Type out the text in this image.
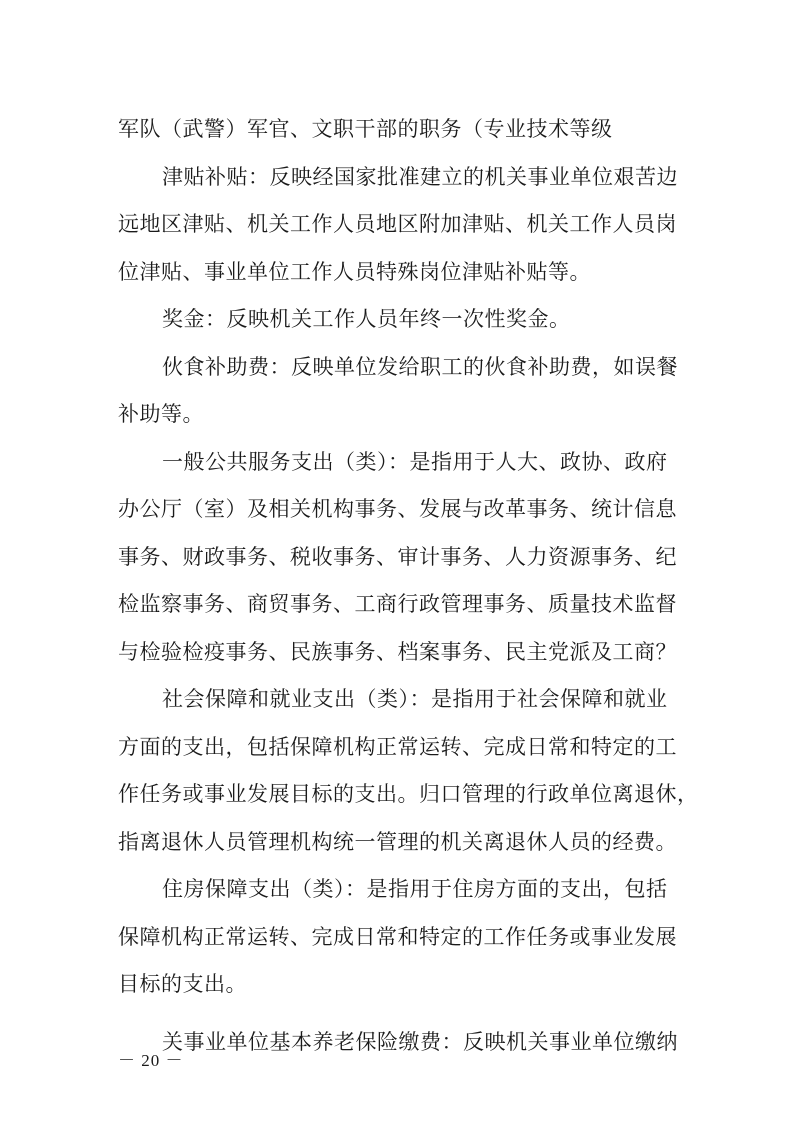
军队（武警）军官、文职干部的职务（专业技术等级
津贴补贴：反映经国家批准建立的机关事业单位艰苦边
远地区津贴、机关工作人员地区附加津贴、机关工作人员岗
位津贴、事业单位工作人员特殊岗位津贴补贴等。
奖金：反映机关工作人员年终一次性奖金。
伙食补助费：反映单位发给职工的伙食补助费，如误餐
补助等。
一般公共服务支出（类）：是指用于人大、政协、政府
办公厅（室）及相关机构事务、发展与改革事务、统计信息
事务、财政事务、税收事务、审计事务、人力资源事务、纪
检监察事务、商贸事务、工商行政管理事务、质量技术监督
与检验检疫事务、民族事务、档案事务、民主党派及工商？
社会保障和就业支出（类）：是指用于社会保障和就业
方面的支出，包括保障机构正常运转、完成日常和特定的工
作任务或事业发展目标的支出。归口管理的行政单位离退休，
指离退休人员管理机构统一管理的机关离退休人员的经费。
住房保障支出（类）：是指用于住房方面的支出，包括
保障机构正常运转、完成日常和特定的工作任务或事业发展
目标的支出。
关事业单位基本养老保险缴费：反映机关事业单位缴纳
－ 20 －
